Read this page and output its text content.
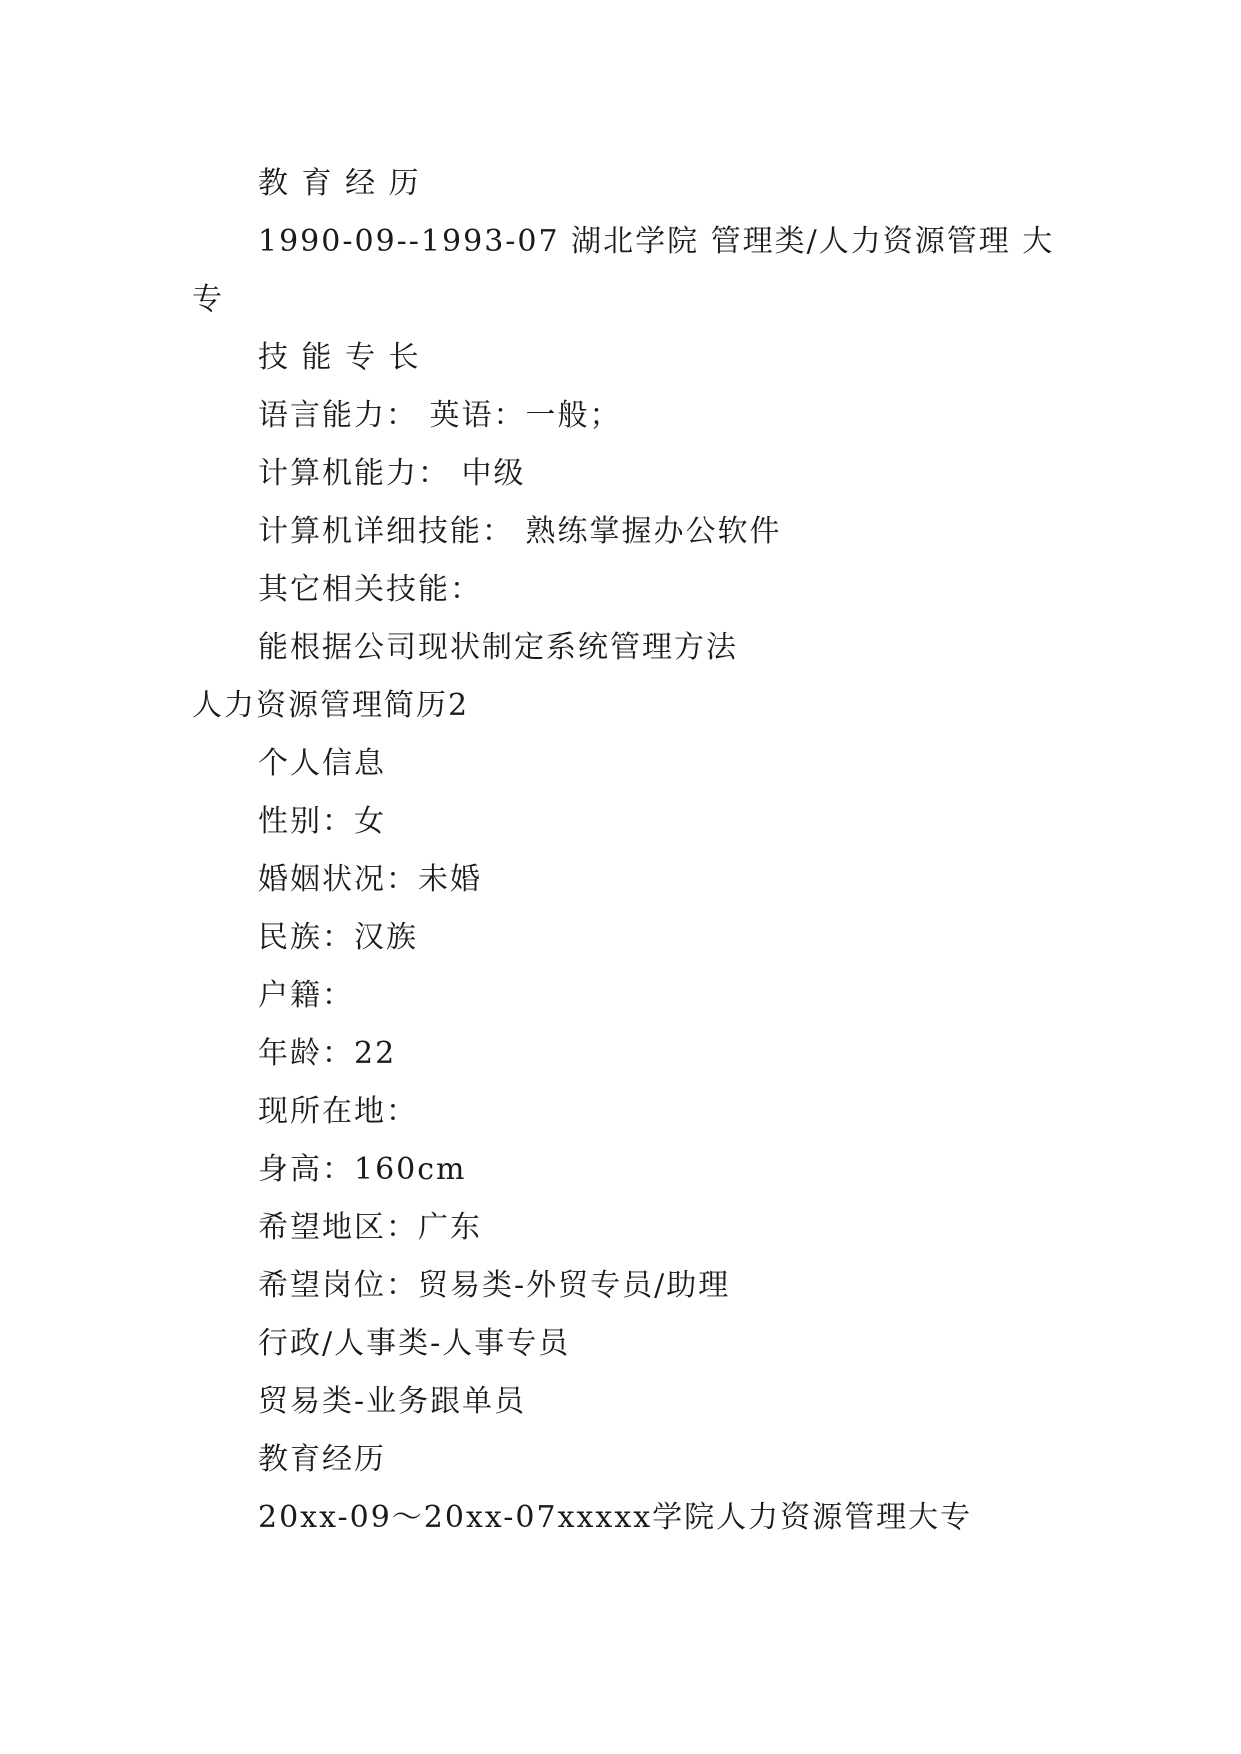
教 育 经 历
1990-09--1993-07 湖北学院 管理类/人力资源管理 大
专
技 能 专 长
语言能力： 英语：一般；
计算机能力： 中级
计算机详细技能： 熟练掌握办公软件
其它相关技能：
能根据公司现状制定系统管理方法
人力资源管理简历2
个人信息
性别：女
婚姻状况：未婚
民族：汉族
户籍：
年龄：22
现所在地：
身高：160cm
希望地区：广东
希望岗位：贸易类-外贸专员/助理
行政/人事类-人事专员
贸易类-业务跟单员
教育经历
20xx-09～20xx-07xxxxx学院人力资源管理大专
